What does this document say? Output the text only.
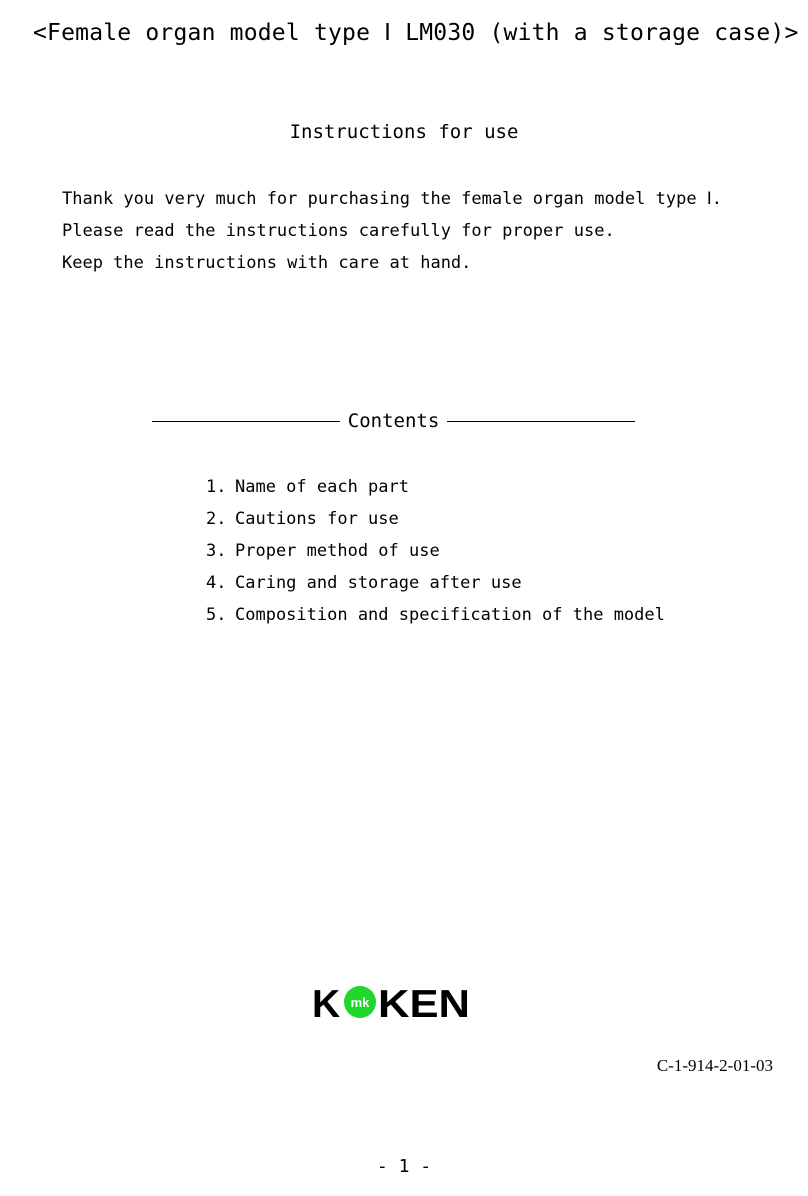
<Female organ model type Ⅰ LM030 (with a storage case)>
Instructions for use
Thank you very much for purchasing the female organ model type Ⅰ.
Please read the instructions carefully for proper use.
Keep the instructions with care at hand.
Contents
1. Name of each part
2. Cautions for use
3. Proper method of use
4. Caring and storage after use
5. Composition and specification of the model
K mk KEN
C-1-914-2-01-03
- 1 -
